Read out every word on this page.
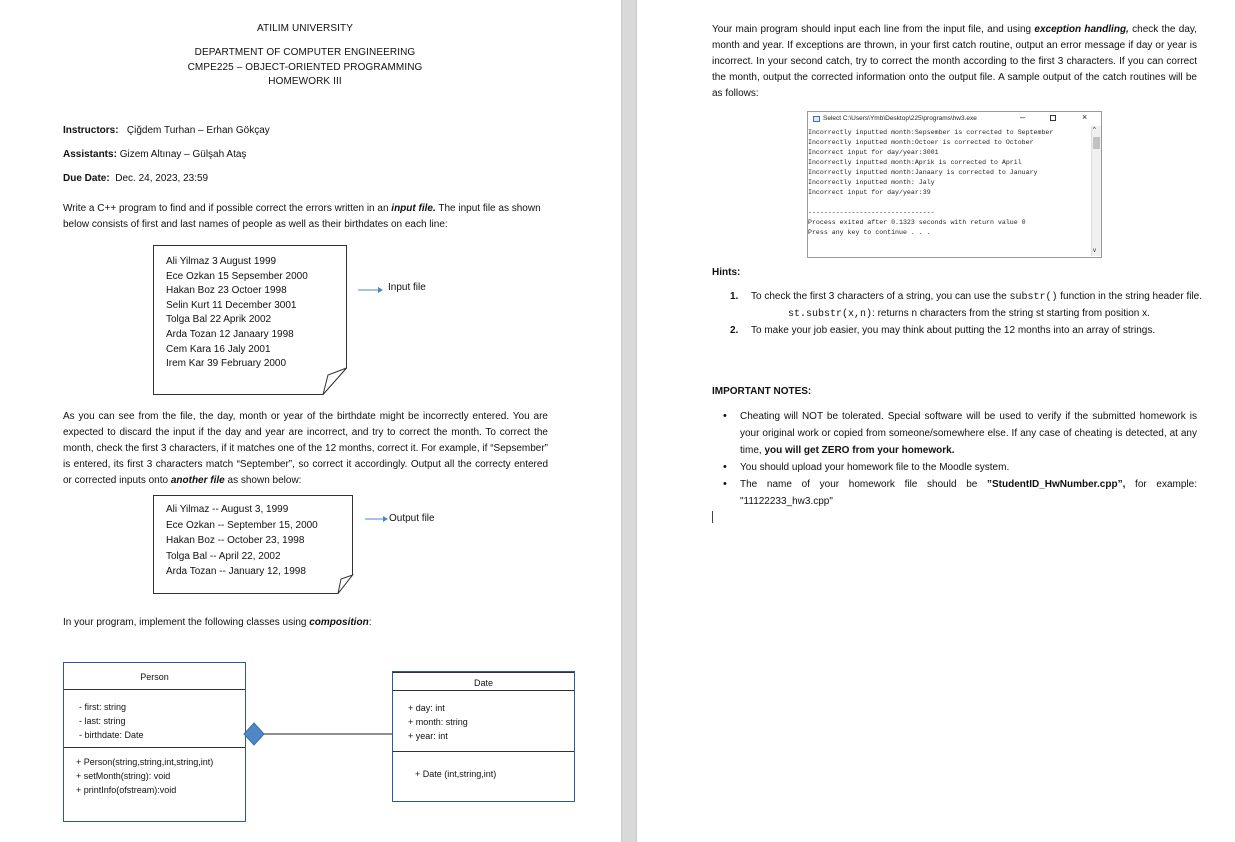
ATILIM UNIVERSITY
DEPARTMENT OF COMPUTER ENGINEERING
CMPE225 – OBJECT-ORIENTED PROGRAMMING
HOMEWORK III
Instructors: Çiğdem Turhan – Erhan Gökçay
Assistants: Gizem Altınay – Gülşah Ataş
Due Date: Dec. 24, 2023, 23:59
Write a C++ program to find and if possible correct the errors written in an input file. The input file as shown below consists of first and last names of people as well as their birthdates on each line:
Ali Yilmaz 3 August 1999
Ece Ozkan 15 Sepsember 2000
Hakan Boz 23 Octoer 1998
Selin Kurt 11 December 3001
Tolga Bal 22 Aprik 2002
Arda Tozan 12 Janaary 1998
Cem Kara 16 Jaly 2001
Irem Kar 39 February 2000
Input file
As you can see from the file, the day, month or year of the birthdate might be incorrectly entered. You are expected to discard the input if the day and year are incorrect, and try to correct the month. To correct the month, check the first 3 characters, if it matches one of the 12 months, correct it. For example, if “Sepsember” is entered, its first 3 characters match “September”, so correct it accordingly. Output all the correcty entered or corrected inputs onto another file as shown below:
Ali Yilmaz -- August 3, 1999
Ece Ozkan -- September 15, 2000
Hakan Boz -- October 23, 1998
Tolga Bal -- April 22, 2002
Arda Tozan -- January 12, 1998
Output file
In your program, implement the following classes using composition:
Person
- first: string
- last: string
- birthdate: Date
+ Person(string,string,int,string,int)
+ setMonth(string): void
+ printInfo(ofstream):void
Date
+ day: int
+ month: string
+ year: int
+ Date (int,string,int)
Your main program should input each line from the input file, and using exception handling, check the day, month and year. If exceptions are thrown, in your first catch routine, output an error message if day or year is incorrect. In your second catch, try to correct the month according to the first 3 characters. If you can correct the month, output the corrected information onto the output file. A sample output of the catch routines will be as follows:
Select C:\Users\Ymb\Desktop\225\programs\hw3.exe	–	×
Incorrectly inputted month:Sepsember is corrected to September
Incorrectly inputted month:Octoer is corrected to October
Incorrect input for day/year:3001
Incorrectly inputted month:Aprik is corrected to April
Incorrectly inputted month:Janaary is corrected to January
Incorrectly inputted month: Jaly
Incorrect input for day/year:39
--------------------------------
Process exited after 0.1323 seconds with return value 0
Press any key to continue . . .
^
v
Hints:
1. To check the first 3 characters of a string, you can use the substr() function in the string header file.
st.substr(x,n): returns n characters from the string st starting from position x.
2. To make your job easier, you may think about putting the 12 months into an array of strings.
IMPORTANT NOTES:
• Cheating will NOT be tolerated. Special software will be used to verify if the submitted homework is your original work or copied from someone/somewhere else. If any case of cheating is detected, at any time, you will get ZERO from your homework.
• You should upload your homework file to the Moodle system.
• The name of your homework file should be ”StudentID_HwNumber.cpp”, for example: "11122233_hw3.cpp"
